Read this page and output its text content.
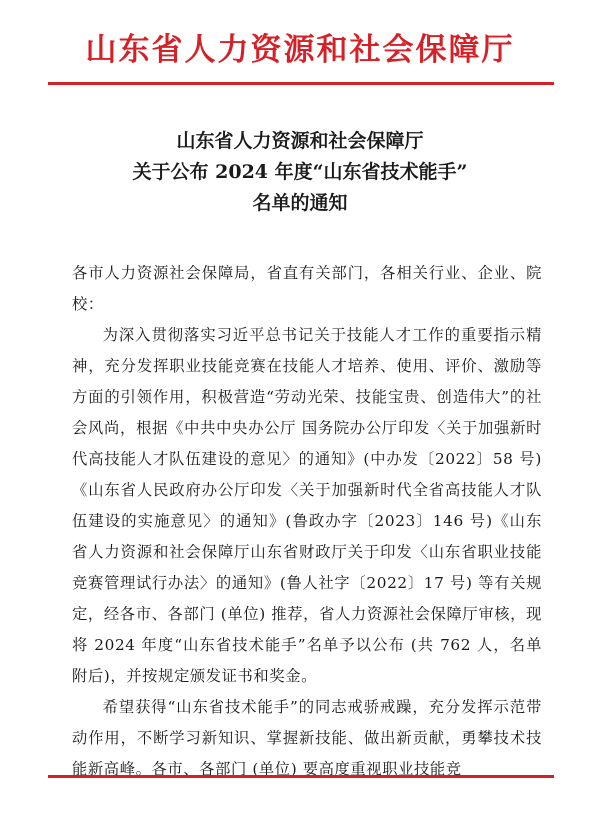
山东省人力资源和社会保障厅
山东省人力资源和社会保障厅
关于公布 2024 年度“山东省技术能手”
名单的通知

各市人力资源社会保障局，省直有关部门，各相关行业、企业、院校：

为深入贯彻落实习近平总书记关于技能人才工作的重要指示精神，充分发挥职业技能竞赛在技能人才培养、使用、评价、激励等方面的引领作用，积极营造“劳动光荣、技能宝贵、创造伟大”的社会风尚，根据《中共中央办公厅 国务院办公厅印发〈关于加强新时代高技能人才队伍建设的意见〉的通知》(中办发〔2022〕58 号)《山东省人民政府办公厅印发〈关于加强新时代全省高技能人才队伍建设的实施意见〉的通知》(鲁政办字〔2023〕146 号)《山东省人力资源和社会保障厅山东省财政厅关于印发〈山东省职业技能竞赛管理试行办法〉的通知》(鲁人社字〔2022〕17 号) 等有关规定，经各市、各部门 (单位) 推荐，省人力资源社会保障厅审核，现将 2024 年度“山东省技术能手”名单予以公布 (共 762 人，名单附后)，并按规定颁发证书和奖金。

希望获得“山东省技术能手”的同志戒骄戒躁，充分发挥示范带动作用，不断学习新知识、掌握新技能、做出新贡献，勇攀技术技能新高峰。各市、各部门 (单位) 要高度重视职业技能竞
